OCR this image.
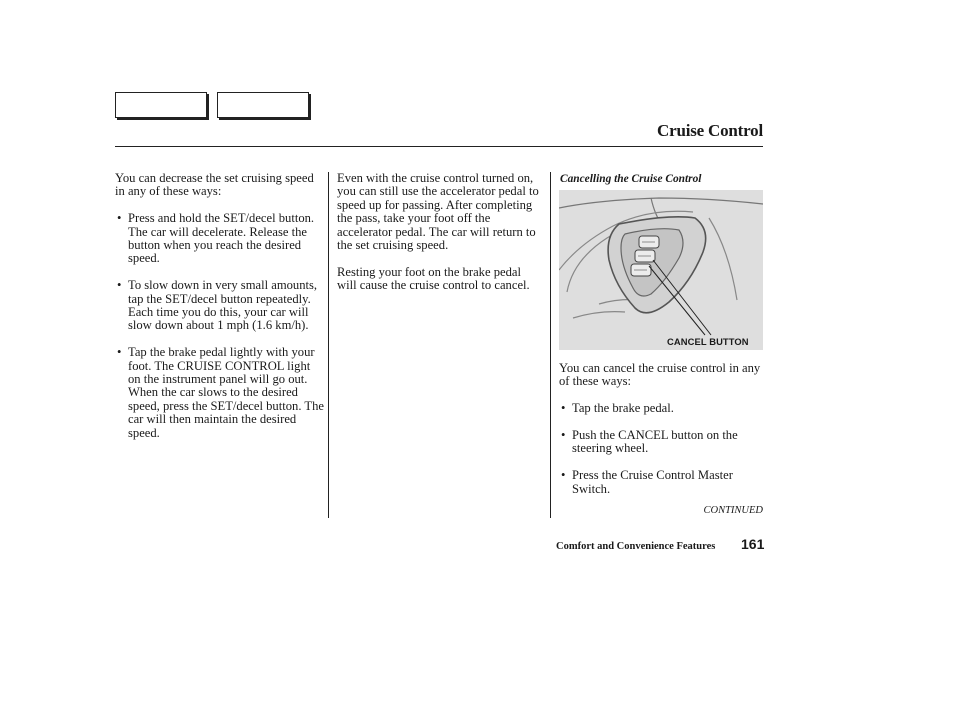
Cruise Control

You can decrease the set cruising speed in any of these ways:

• Press and hold the SET/decel button. The car will decelerate. Release the button when you reach the desired speed.
• To slow down in very small amounts, tap the SET/decel button repeatedly. Each time you do this, your car will slow down about 1 mph (1.6 km/h).
• Tap the brake pedal lightly with your foot. The CRUISE CONTROL light on the instrument panel will go out. When the car slows to the desired speed, press the SET/decel button. The car will then maintain the desired speed.

Even with the cruise control turned on, you can still use the accelerator pedal to speed up for passing. After completing the pass, take your foot off the accelerator pedal. The car will return to the set cruising speed.

Resting your foot on the brake pedal will cause the cruise control to cancel.

Cancelling the Cruise Control
CANCEL BUTTON

You can cancel the cruise control in any of these ways:

• Tap the brake pedal.
• Push the CANCEL button on the steering wheel.
• Press the Cruise Control Master Switch.
CONTINUED
Comfort and Convenience Features 161
